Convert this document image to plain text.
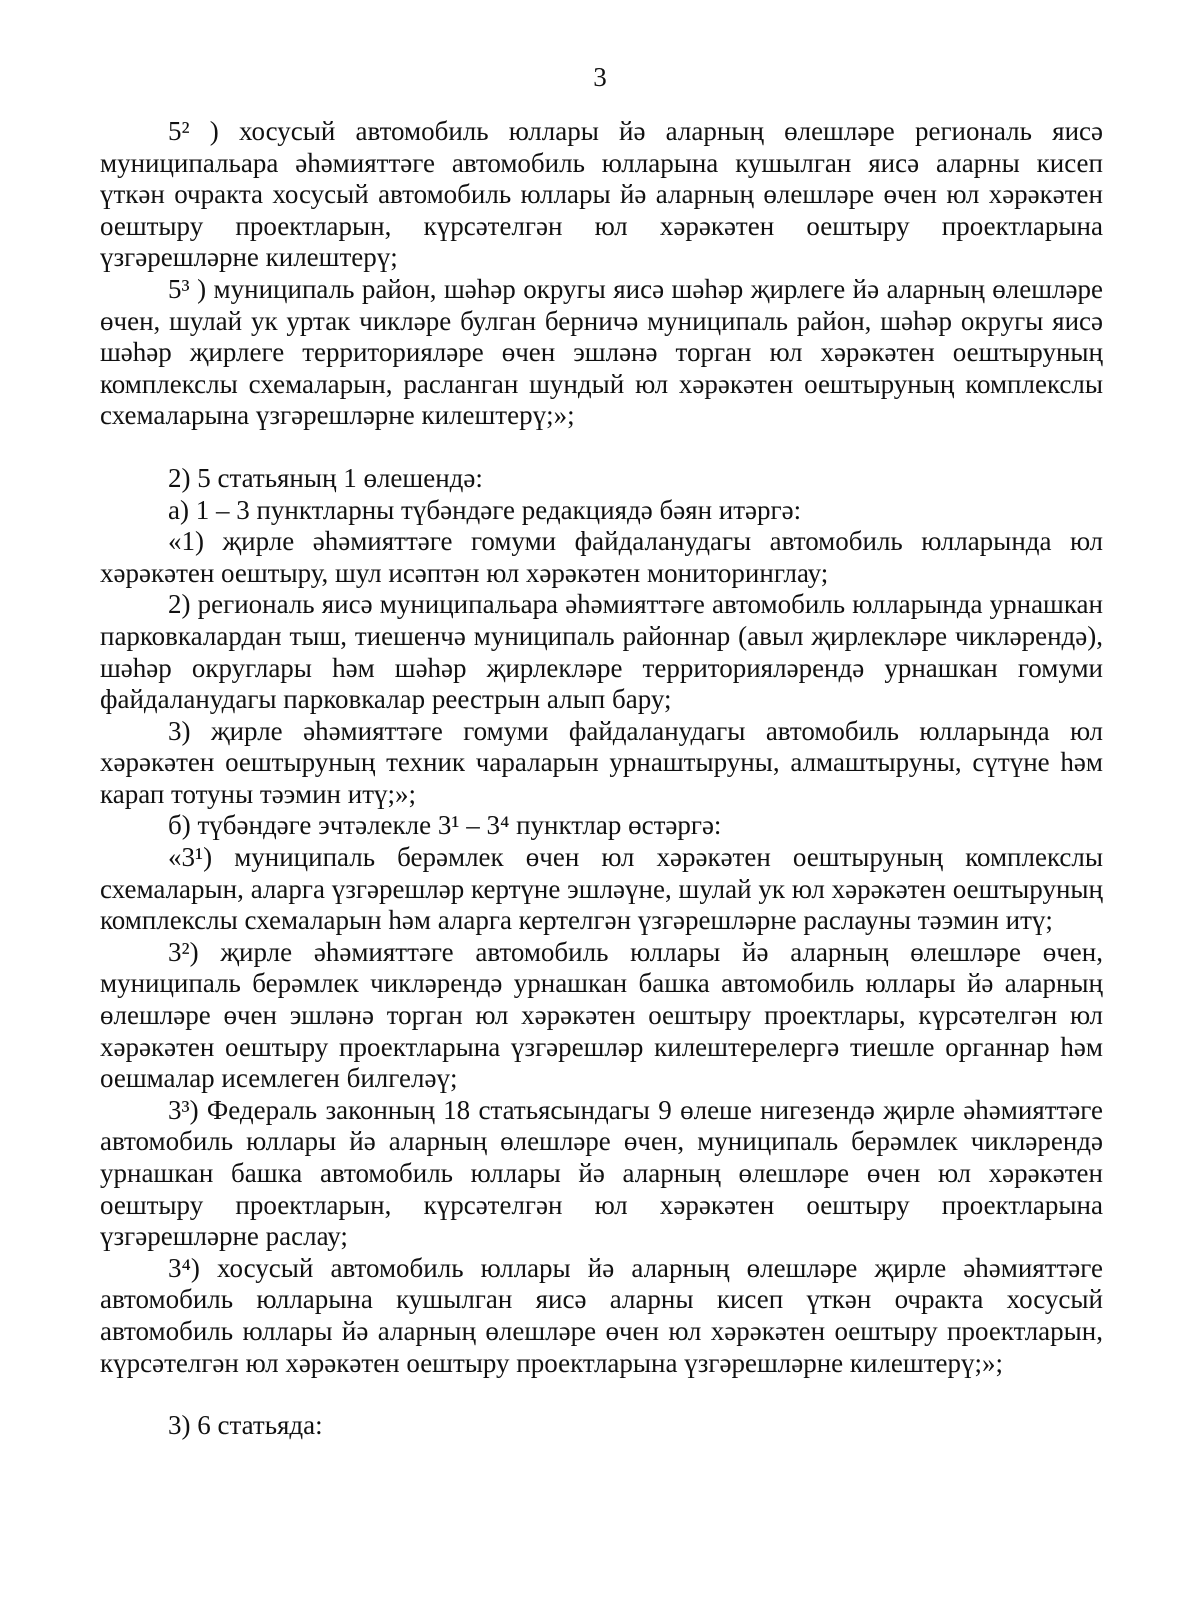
3

5² ) хосусый автомобиль юллары йә аларның өлешләре региональ яисә муниципальара әһәмияттәге автомобиль юлларына кушылган яисә аларны кисеп үткән очракта хосусый автомобиль юллары йә аларның өлешләре өчен юл хәрәкәтен оештыру проектларын, күрсәтелгән юл хәрәкәтен оештыру проектларына үзгәрешләрне килештерү;

5³ ) муниципаль район, шәһәр округы яисә шәһәр җирлеге йә аларның өлешләре өчен, шулай ук уртак чикләре булган берничә муниципаль район, шәһәр округы яисә шәһәр җирлеге территорияләре өчен эшләнә торган юл хәрәкәтен оештыруның комплекслы схемаларын, расланган шундый юл хәрәкәтен оештыруның комплекслы схемаларына үзгәрешләрне килештерү;»;

2) 5 статьяның 1 өлешендә:

а) 1 – 3 пунктларны түбәндәге редакциядә бәян итәргә:

«1) җирле әһәмияттәге гомуми файдаланудагы автомобиль юлларында юл хәрәкәтен оештыру, шул исәптән юл хәрәкәтен мониторинглау;

2) региональ яисә муниципальара әһәмияттәге автомобиль юлларында урнашкан парковкалардан тыш, тиешенчә муниципаль районнар (авыл җирлекләре чикләрендә), шәһәр округлары һәм шәһәр җирлекләре территорияләрендә урнашкан гомуми файдаланудагы парковкалар реестрын алып бару;

3) җирле әһәмияттәге гомуми файдаланудагы автомобиль юлларында юл хәрәкәтен оештыруның техник чараларын урнаштыруны, алмаштыруны, сүтүне һәм карап тотуны тәэмин итү;»;

б) түбәндәге эчтәлекле 3¹ – 3⁴ пунктлар өстәргә:

«3¹) муниципаль берәмлек өчен юл хәрәкәтен оештыруның комплекслы схемаларын, аларга үзгәрешләр кертүне эшләүне, шулай ук юл хәрәкәтен оештыруның комплекслы схемаларын һәм аларга кертелгән үзгәрешләрне раслауны тәэмин итү;

3²) җирле әһәмияттәге автомобиль юллары йә аларның өлешләре өчен, муниципаль берәмлек чикләрендә урнашкан башка автомобиль юллары йә аларның өлешләре өчен эшләнә торган юл хәрәкәтен оештыру проектлары, күрсәтелгән юл хәрәкәтен оештыру проектларына үзгәрешләр килештерелергә тиешле органнар һәм оешмалар исемлеген билгеләү;

3³) Федераль законның 18 статьясындагы 9 өлеше нигезендә җирле әһәмияттәге автомобиль юллары йә аларның өлешләре өчен, муниципаль берәмлек чикләрендә урнашкан башка автомобиль юллары йә аларның өлешләре өчен юл хәрәкәтен оештыру проектларын, күрсәтелгән юл хәрәкәтен оештыру проектларына үзгәрешләрне раслау;

3⁴) хосусый автомобиль юллары йә аларның өлешләре җирле әһәмияттәге автомобиль юлларына кушылган яисә аларны кисеп үткән очракта хосусый автомобиль юллары йә аларның өлешләре өчен юл хәрәкәтен оештыру проектларын, күрсәтелгән юл хәрәкәтен оештыру проектларына үзгәрешләрне килештерү;»;

3) 6 статьяда:
